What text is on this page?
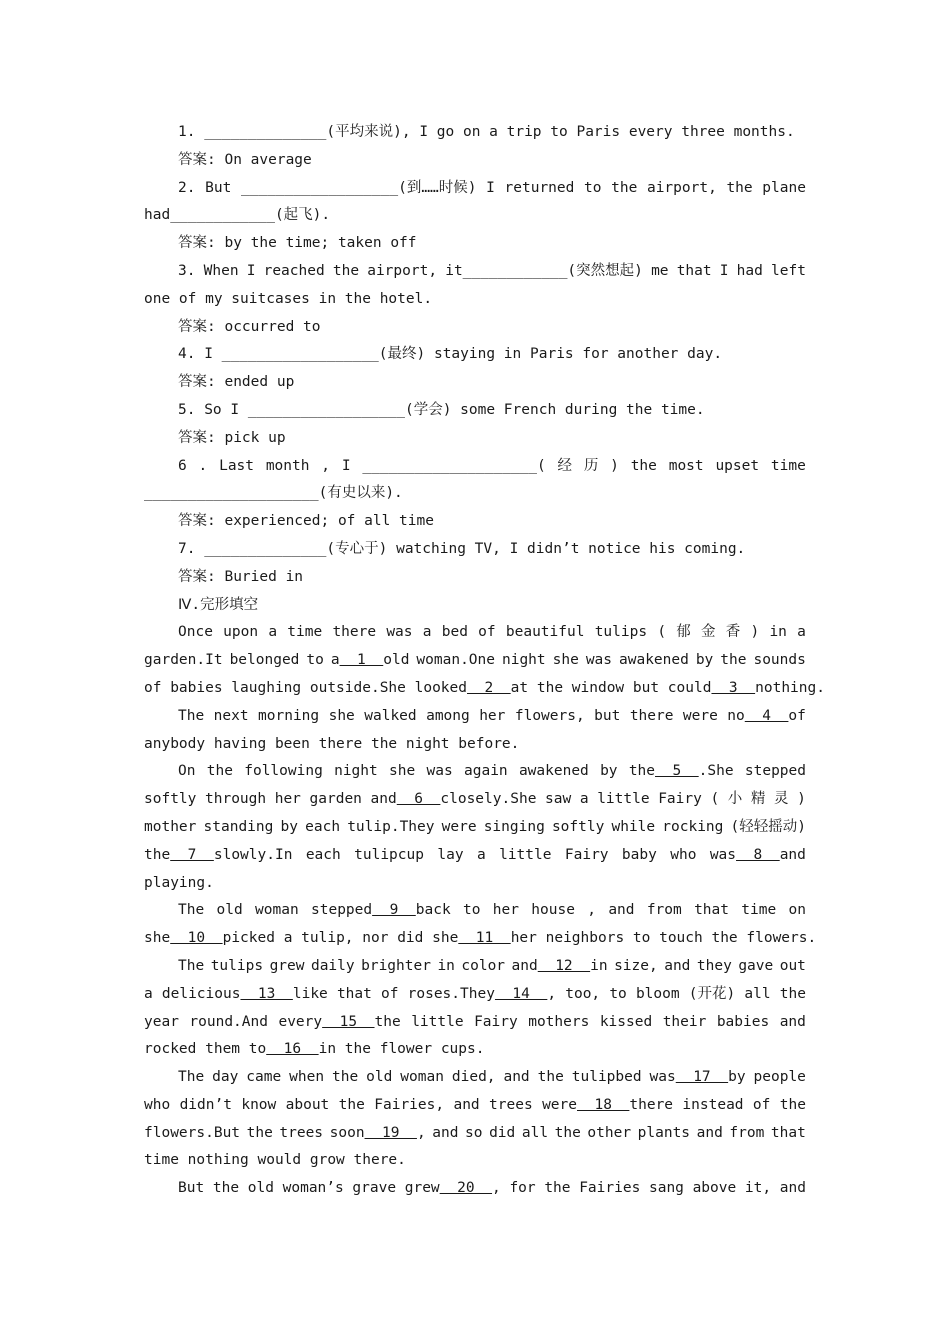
1. ______________(平均来说), I go on a trip to Paris every three months.
答案: On average
2. But __________________(到……时候) I returned to the airport, the plane
had____________(起飞).
答案: by the time; taken off
3. When I reached the airport, it____________(突然想起) me that I had left
one of my suitcases in the hotel.
答案: occurred to
4. I __________________(最终) staying in Paris for another day.
答案: ended up
5. So I __________________(学会) some French during the time.
答案: pick up
6 . Last month , I ____________________( 经 历 ) the most upset time
____________________(有史以来).
答案: experienced; of all time
7. ______________(专心于) watching TV, I didn’t notice his coming.
答案: Buried in
Ⅳ.完形填空
Once upon a time there was a bed of beautiful tulips ( 郁 金 香 ) in a
garden.It belonged to a  1  old woman.One night she was awakened by the sounds
of babies laughing outside.She looked  2  at the window but could  3  nothing.
The next morning she walked among her flowers, but there were no  4  of
anybody having been there the night before.
On the following night she was again awakened by the  5  .She stepped
softly through her garden and  6  closely.She saw a little Fairy ( 小 精 灵 )
mother standing by each tulip.They were singing softly while rocking (轻轻摇动)
the  7  slowly.In each tulipcup lay a little Fairy baby who was  8  and
playing.
The old woman stepped  9  back to her house , and from that time on
she  10  picked a tulip, nor did she  11  her neighbors to touch the flowers.
The tulips grew daily brighter in color and  12  in size, and they gave out
a delicious  13  like that of roses.They  14  , too, to bloom (开花) all the
year round.And every  15  the little Fairy mothers kissed their babies and
rocked them to  16  in the flower cups.
The day came when the old woman died, and the tulipbed was  17  by people
who didn’t know about the Fairies, and trees were  18  there instead of the
flowers.But the trees soon  19  , and so did all the other plants and from that
time nothing would grow there.
But the old woman’s grave grew  20  , for the Fairies sang above it, and
